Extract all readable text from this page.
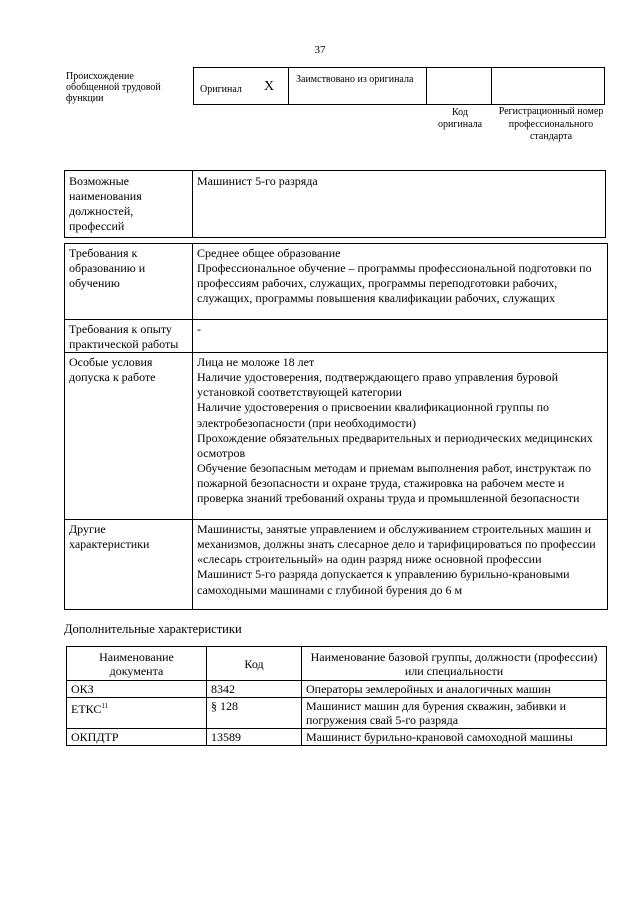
37
Происхождение обобщенной трудовой функции
Оригинал X Заимствовано из оригинала
Код оригинала
Регистрационный номер профессионального стандарта
Возможные наименования должностей, профессий	Машинист 5-го разряда
Требования к образованию и обучению	Среднее общее образование
Профессиональное обучение – программы профессиональной подготовки по профессиям рабочих, служащих, программы переподготовки рабочих, служащих, программы повышения квалификации рабочих, служащих

Требования к опыту практической работы	-

Особые условия допуска к работе	Лица не моложе 18 лет
Наличие удостоверения, подтверждающего право управления буровой установкой соответствующей категории
Наличие удостоверения о присвоении квалификационной группы по электробезопасности (при необходимости)
Прохождение обязательных предварительных и периодических медицинских осмотров
Обучение безопасным методам и приемам выполнения работ, инструктаж по пожарной безопасности и охране труда, стажировка на рабочем месте и проверка знаний требований охраны труда и промышленной безопасности

Другие характеристики	Машинисты, занятые управлением и обслуживанием строительных машин и механизмов, должны знать слесарное дело и тарифицироваться по профессии «слесарь строительный» на один разряд ниже основной профессии
Машинист 5-го разряда допускается к управлению бурильно-крановыми самоходными машинами с глубиной бурения до 6 м
Дополнительные характеристики
Наименование документа	Код	Наименование базовой группы, должности (профессии) или специальности
ОКЗ	8342	Операторы землеройных и аналогичных машин
ЕТКС$^{11}$	§ 128	Машинист машин для бурения скважин, забивки и погружения свай 5-го разряда
ОКПДТР	13589	Машинист бурильно-крановой самоходной машины
